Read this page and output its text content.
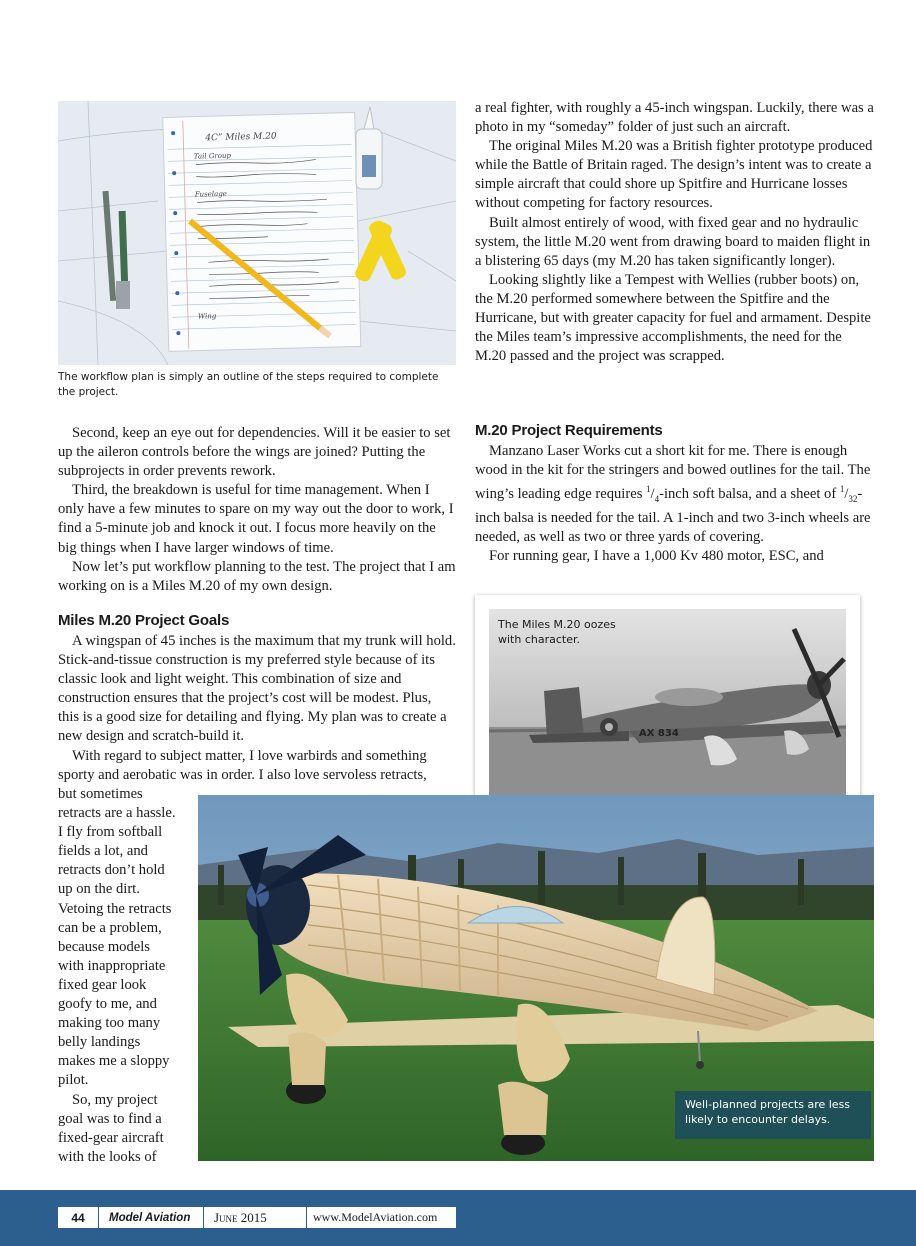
4C” Miles M.20
Tail Group
Fuselage
Wing
The workflow plan is simply an outline of the steps required to complete the project.

Second, keep an eye out for dependencies. Will it be easier to set up the aileron controls before the wings are joined? Putting the subprojects in order prevents rework.

Third, the breakdown is useful for time management. When I only have a few minutes to spare on my way out the door to work, I find a 5-minute job and knock it out. I focus more heavily on the big things when I have larger windows of time.

Now let’s put workflow planning to the test. The project that I am working on is a Miles M.20 of my own design.

Miles M.20 Project Goals

A wingspan of 45 inches is the maximum that my trunk will hold. Stick-and-tissue construction is my preferred style because of its classic look and light weight. This combination of size and construction ensures that the project’s cost will be modest. Plus, this is a good size for detailing and flying. My plan was to create a new design and scratch-build it.

With regard to subject matter, I love warbirds and something sporty and aerobatic was in order. I also love servoless retracts,

but sometimes
retracts are a hassle.
I fly from softball
fields a lot, and
retracts don’t hold
up on the dirt.
Vetoing the retracts
can be a problem,
because models
with inappropriate
fixed gear look
goofy to me, and
making too many
belly landings
makes me a sloppy
pilot.
So, my project
goal was to find a
fixed-gear aircraft
with the looks of

a real fighter, with roughly a 45-inch wingspan. Luckily, there was a photo in my “someday” folder of just such an aircraft.

The original Miles M.20 was a British fighter prototype produced while the Battle of Britain raged. The design’s intent was to create a simple aircraft that could shore up Spitfire and Hurricane losses without competing for factory resources.

Built almost entirely of wood, with fixed gear and no hydraulic system, the little M.20 went from drawing board to maiden flight in a blistering 65 days (my M.20 has taken significantly longer).

Looking slightly like a Tempest with Wellies (rubber boots) on, the M.20 performed somewhere between the Spitfire and the Hurricane, but with greater capacity for fuel and armament. Despite the Miles team’s impressive accomplishments, the need for the M.20 passed and the project was scrapped.

M.20 Project Requirements

Manzano Laser Works cut a short kit for me. There is enough wood in the kit for the stringers and bowed outlines for the tail. The wing’s leading edge requires $^1/_4$-inch soft balsa, and a sheet of $^1/_{32}$-inch balsa is needed for the tail. A 1-inch and two 3-inch wheels are needed, as well as two or three yards of covering.

For running gear, I have a 1,000 Kv 480 motor, ESC, and

AX 834
The Miles M.20 oozes with character.
Well-planned projects are less likely to encounter delays.
44	Model Aviation	June 2015	www.ModelAviation.com
